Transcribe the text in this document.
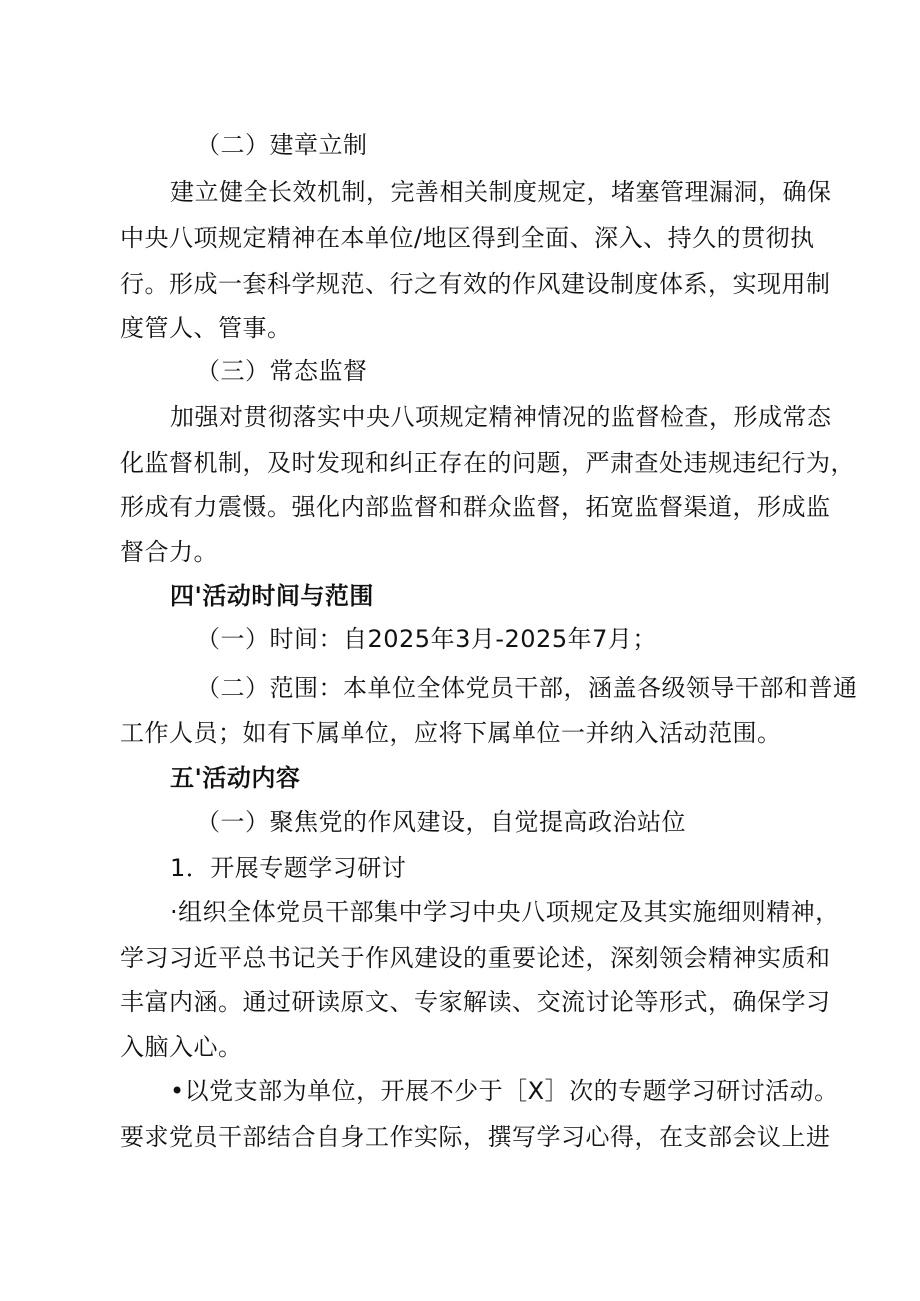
（二）建章立制
建立健全长效机制，完善相关制度规定，堵塞管理漏洞，确保
中央八项规定精神在本单位/地区得到全面、深入、持久的贯彻执
行。形成一套科学规范、行之有效的作风建设制度体系，实现用制
度管人、管事。
（三）常态监督
加强对贯彻落实中央八项规定精神情况的监督检查，形成常态
化监督机制，及时发现和纠正存在的问题，严肃查处违规违纪行为，
形成有力震慑。强化内部监督和群众监督，拓宽监督渠道，形成监
督合力。
四'活动时间与范围
（一）时间：自2025年3月-2025年7月；
（二）范围：本单位全体党员干部，涵盖各级领导干部和普通
工作人员；如有下属单位，应将下属单位一并纳入活动范围。
五'活动内容
（一）聚焦党的作风建设，自觉提高政治站位
1．开展专题学习研讨
·组织全体党员干部集中学习中央八项规定及其实施细则精神，
学习习近平总书记关于作风建设的重要论述，深刻领会精神实质和
丰富内涵。通过研读原文、专家解读、交流讨论等形式，确保学习
入脑入心。
•以党支部为单位，开展不少于［X］次的专题学习研讨活动。
要求党员干部结合自身工作实际，撰写学习心得，在支部会议上进
